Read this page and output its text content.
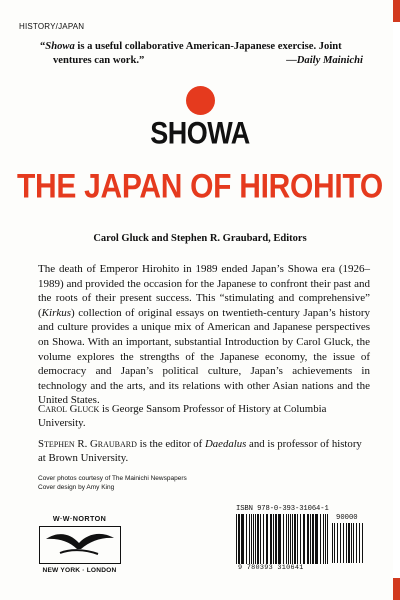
HISTORY/JAPAN
“Showa is a useful collaborative American-Japanese exercise. Joint
ventures can work.”	—Daily Mainichi
SHOWA
THE JAPAN OF HIROHITO
Carol Gluck and Stephen R. Graubard, Editors
The death of Emperor Hirohito in 1989 ended Japan’s Showa era (1926–1989) and provided the occasion for the Japanese to confront their past and the roots of their present success. This “stimulating and comprehensive” (Kirkus) collection of original essays on twentieth-century Japan’s history and culture provides a unique mix of American and Japanese perspectives on Showa. With an important, substantial Introduction by Carol Gluck, the volume explores the strengths of the Japanese economy, the issue of democracy and Japan’s political culture, Japan’s achievements in technology and the arts, and its relations with other Asian nations and the United States.
Carol Gluck is George Sansom Professor of History at Columbia University.
Stephen R. Graubard is the editor of Daedalus and is professor of history at Brown University.
Cover photos courtesy of The Mainichi Newspapers
Cover design by Amy King
W·W·NORTON
NEW YORK · LONDON
ISBN 978-0-393-31064-1
9 780393 310641
90000
